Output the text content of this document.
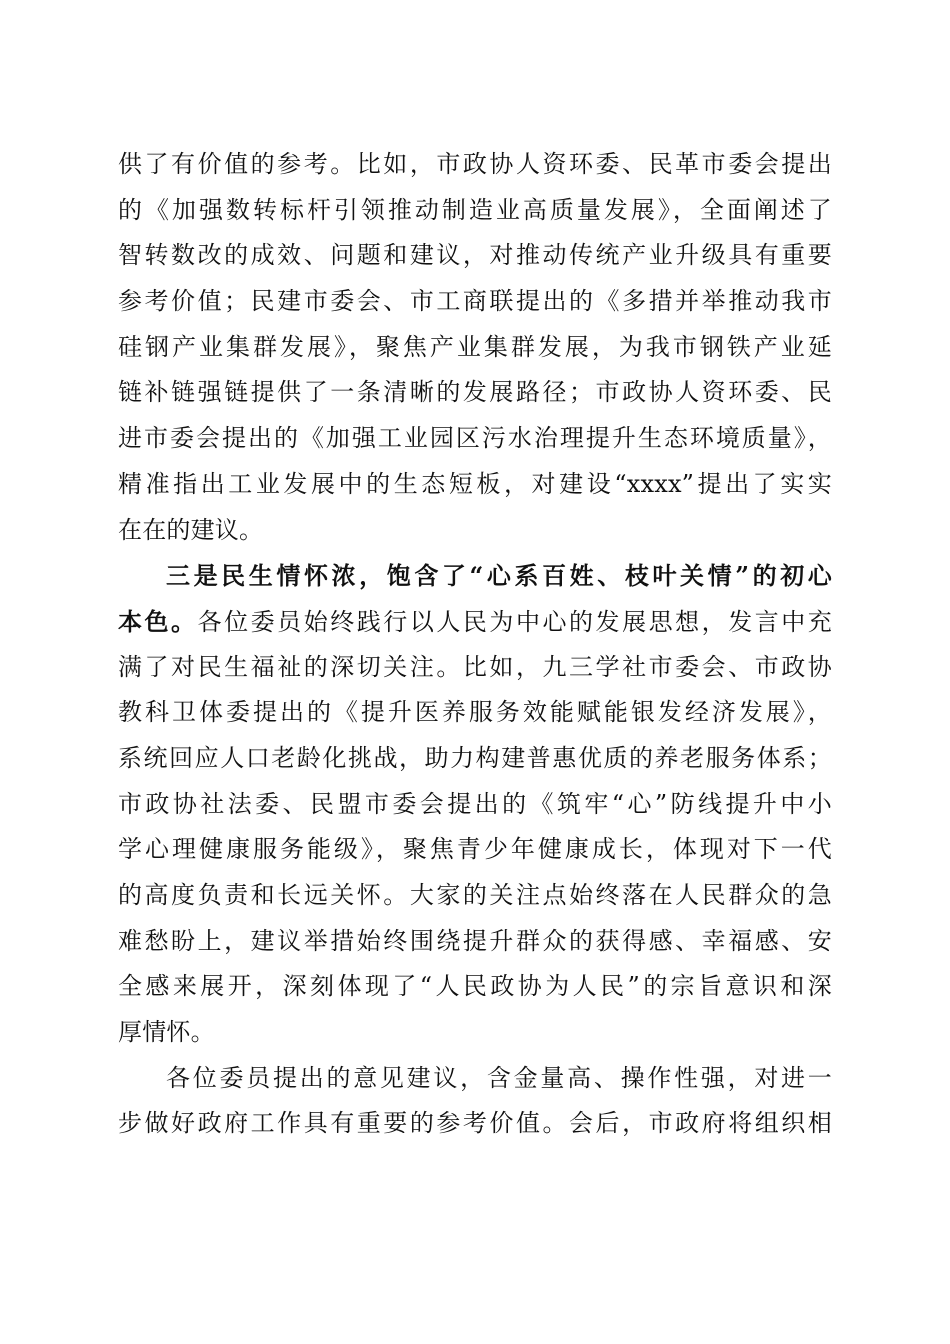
供了有价值的参考。比如，市政协人资环委、民革市委会提出
的《加强数转标杆引领推动制造业高质量发展》，全面阐述了
智转数改的成效、问题和建议，对推动传统产业升级具有重要
参考价值；民建市委会、市工商联提出的《多措并举推动我市
硅钢产业集群发展》，聚焦产业集群发展，为我市钢铁产业延
链补链强链提供了一条清晰的发展路径；市政协人资环委、民
进市委会提出的《加强工业园区污水治理提升生态环境质量》，
精准指出工业发展中的生态短板，对建设“xxxx”提出了实实
在在的建议。
三是民生情怀浓，饱含了“心系百姓、枝叶关情”的初心
本色。各位委员始终践行以人民为中心的发展思想，发言中充
满了对民生福祉的深切关注。比如，九三学社市委会、市政协
教科卫体委提出的《提升医养服务效能赋能银发经济发展》，
系统回应人口老龄化挑战，助力构建普惠优质的养老服务体系；
市政协社法委、民盟市委会提出的《筑牢“心”防线提升中小
学心理健康服务能级》，聚焦青少年健康成长，体现对下一代
的高度负责和长远关怀。大家的关注点始终落在人民群众的急
难愁盼上，建议举措始终围绕提升群众的获得感、幸福感、安
全感来展开，深刻体现了“人民政协为人民”的宗旨意识和深
厚情怀。
各位委员提出的意见建议，含金量高、操作性强，对进一
步做好政府工作具有重要的参考价值。会后，市政府将组织相
